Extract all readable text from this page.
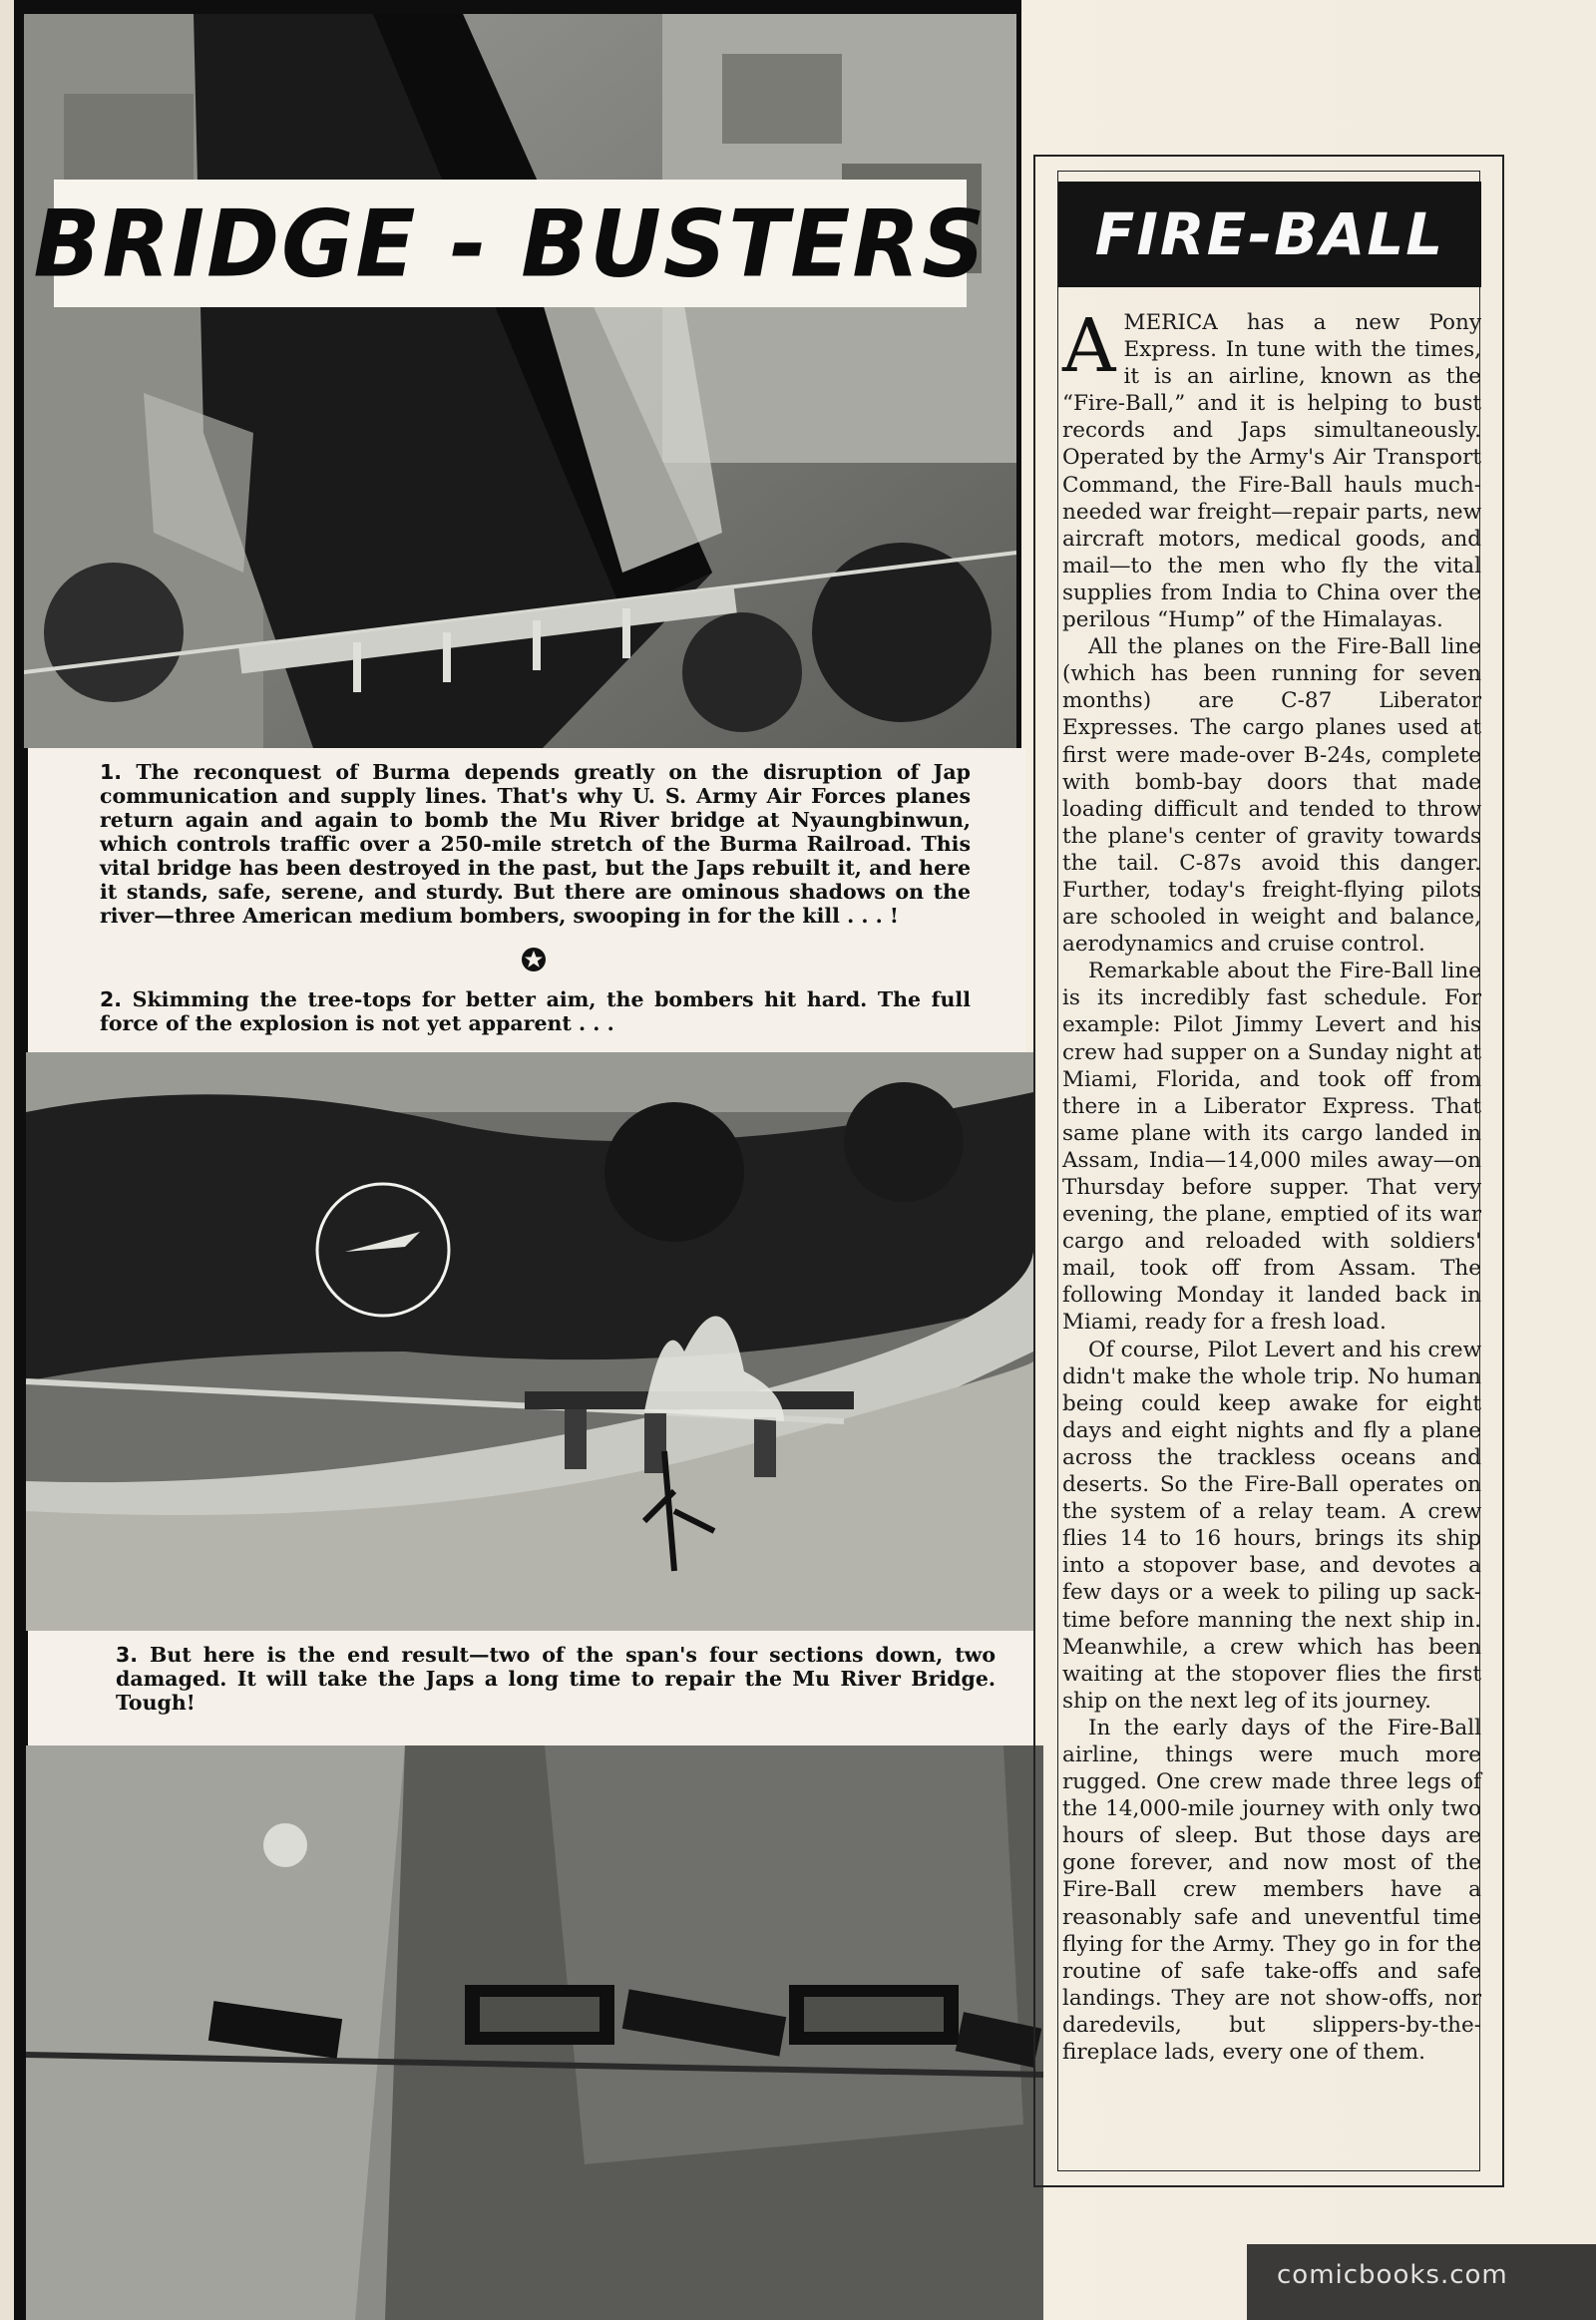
BRIDGE - BUSTERS

1. The reconquest of Burma depends greatly on the disruption of Jap communication and supply lines. That's why U. S. Army Air Forces planes return again and again to bomb the Mu River bridge at Nyaungbinwun, which controls traffic over a 250-mile stretch of the Burma Railroad. This vital bridge has been destroyed in the past, but the Japs rebuilt it, and here it stands, safe, serene, and sturdy. But there are ominous shadows on the river—three American medium bombers, swooping in for the kill . . . !

2. Skimming the tree-tops for better aim, the bombers hit hard. The full force of the explosion is not yet apparent . . .

3. But here is the end result—two of the span's four sections down, two damaged. It will take the Japs a long time to repair the Mu River Bridge. Tough!

FIRE-BALL

AMERICA has a new Pony Express. In tune with the times, it is an airline, known as the “Fire-Ball,” and it is helping to bust records and Japs simultaneously. Operated by the Army's Air Transport Command, the Fire-Ball hauls much-needed war freight—repair parts, new aircraft motors, medical goods, and mail—to the men who fly the vital supplies from India to China over the perilous “Hump” of the Himalayas.

All the planes on the Fire-Ball line (which has been running for seven months) are C-87 Liberator Expresses. The cargo planes used at first were made-over B-24s, complete with bomb-bay doors that made loading difficult and tended to throw the plane's center of gravity towards the tail. C-87s avoid this danger. Further, today's freight-flying pilots are schooled in weight and balance, aerodynamics and cruise control.

Remarkable about the Fire-Ball line is its incredibly fast schedule. For example: Pilot Jimmy Levert and his crew had supper on a Sunday night at Miami, Florida, and took off from there in a Liberator Express. That same plane with its cargo landed in Assam, India—14,000 miles away—on Thursday before supper. That very evening, the plane, emptied of its war cargo and reloaded with soldiers' mail, took off from Assam. The following Monday it landed back in Miami, ready for a fresh load.

Of course, Pilot Levert and his crew didn't make the whole trip. No human being could keep awake for eight days and eight nights and fly a plane across the trackless oceans and deserts. So the Fire-Ball operates on the system of a relay team. A crew flies 14 to 16 hours, brings its ship into a stopover base, and devotes a few days or a week to piling up sack-time before manning the next ship in. Meanwhile, a crew which has been waiting at the stopover flies the first ship on the next leg of its journey.

In the early days of the Fire-Ball airline, things were much more rugged. One crew made three legs of the 14,000-mile journey with only two hours of sleep. But those days are gone forever, and now most of the Fire-Ball crew members have a reasonably safe and uneventful time flying for the Army. They go in for the routine of safe take-offs and safe landings. They are not show-offs, nor daredevils, but slippers-by-the-fireplace lads, every one of them.

comicbooks.com
